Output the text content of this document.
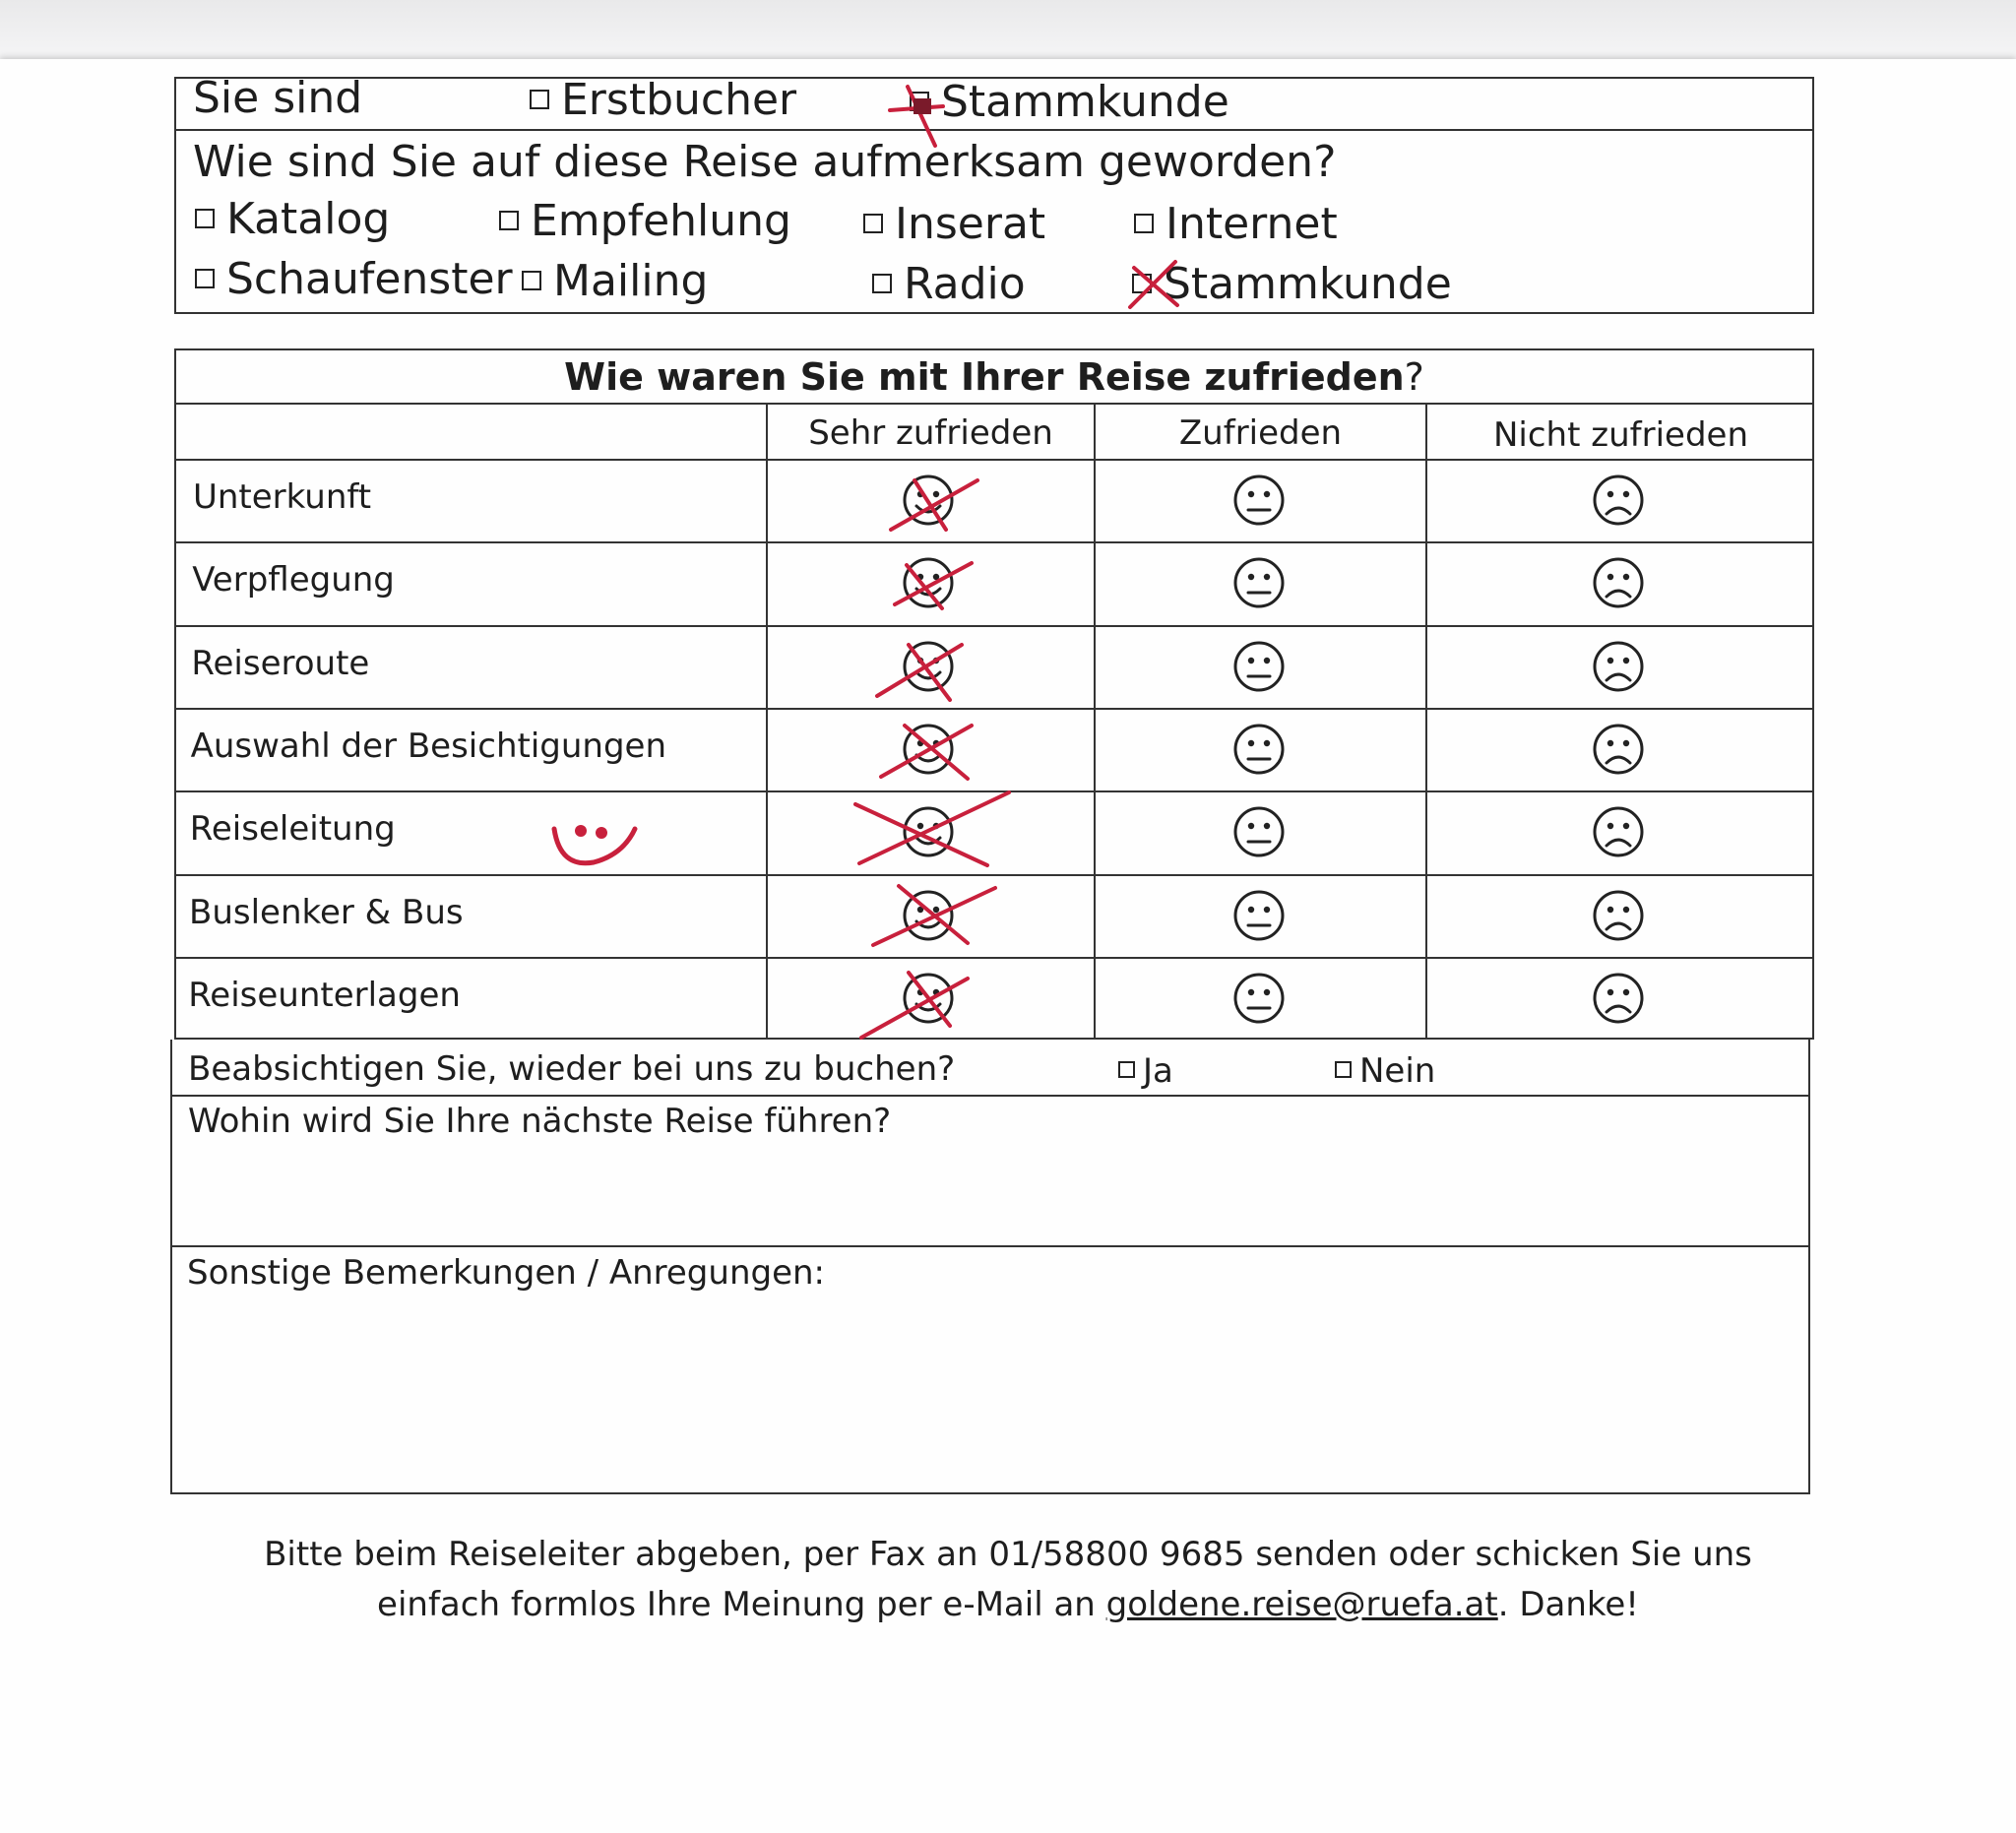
Sie sind	Erstbucher	Stammkunde
Wie sind Sie auf diese Reise aufmerksam geworden?
Katalog	Empfehlung	Inserat	Internet
Schaufenster Mailing	Radio	Stammkunde
Wie waren Sie mit Ihrer Reise zufrieden?
Sehr zufrieden	Zufrieden	Nicht zufrieden
Unterkunft
Verpflegung
Reiseroute
Auswahl der Besichtigungen
Reiseleitung
Buslenker & Bus
Reiseunterlagen
Beabsichtigen Sie, wieder bei uns zu buchen?	Ja	Nein
Wohin wird Sie Ihre nächste Reise führen?
Sonstige Bemerkungen / Anregungen:
Bitte beim Reiseleiter abgeben, per Fax an 01/58800 9685 senden oder schicken Sie uns
einfach formlos Ihre Meinung per e-Mail an goldene.reise@ruefa.at. Danke!
